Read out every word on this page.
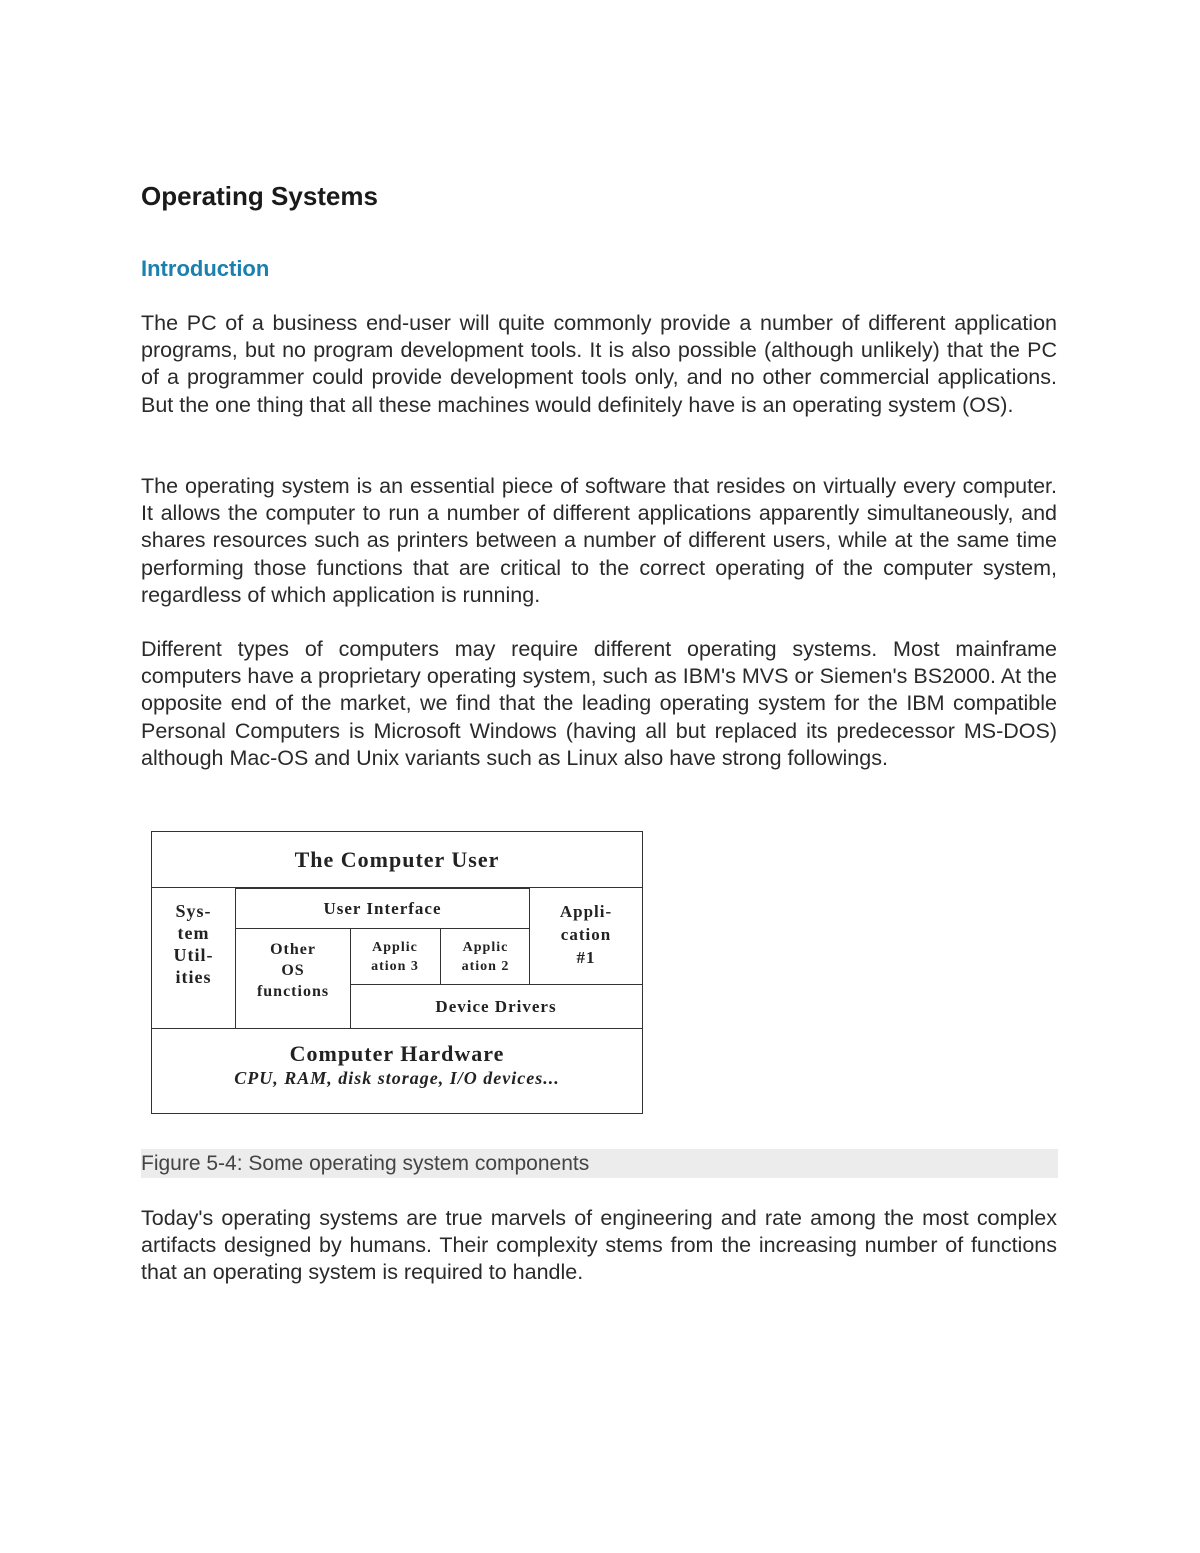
Operating Systems
Introduction

The PC of a business end-user will quite commonly provide a number of different application programs, but no program development tools. It is also possible (although unlikely) that the PC of a programmer could provide development tools only, and no other commercial applications. But the one thing that all these machines would definitely have is an operating system (OS).

The operating system is an essential piece of software that resides on virtually every computer. It allows the computer to run a number of different applications apparently simultaneously, and shares resources such as printers between a number of different users, while at the same time performing those functions that are critical to the correct operating of the computer system, regardless of which application is running.

Different types of computers may require different operating systems. Most mainframe computers have a proprietary operating system, such as IBM's MVS or Siemen's BS2000. At the opposite end of the market, we find that the leading operating system for the IBM compatible Personal Computers is Microsoft Windows (having all but replaced its predecessor MS-DOS) although Mac-OS and Unix variants such as Linux also have strong followings.

The Computer User
Sys-
tem
Util-
ities
User Interface	Appli-
cation
#1
Other
OS
functions
Applic
ation 3
Applic
ation 2
Device Drivers
Computer Hardware
CPU, RAM, disk storage, I/O devices...
Figure 5-4: Some operating system components

Today's operating systems are true marvels of engineering and rate among the most complex artifacts designed by humans. Their complexity stems from the increasing number of functions that an operating system is required to handle.
